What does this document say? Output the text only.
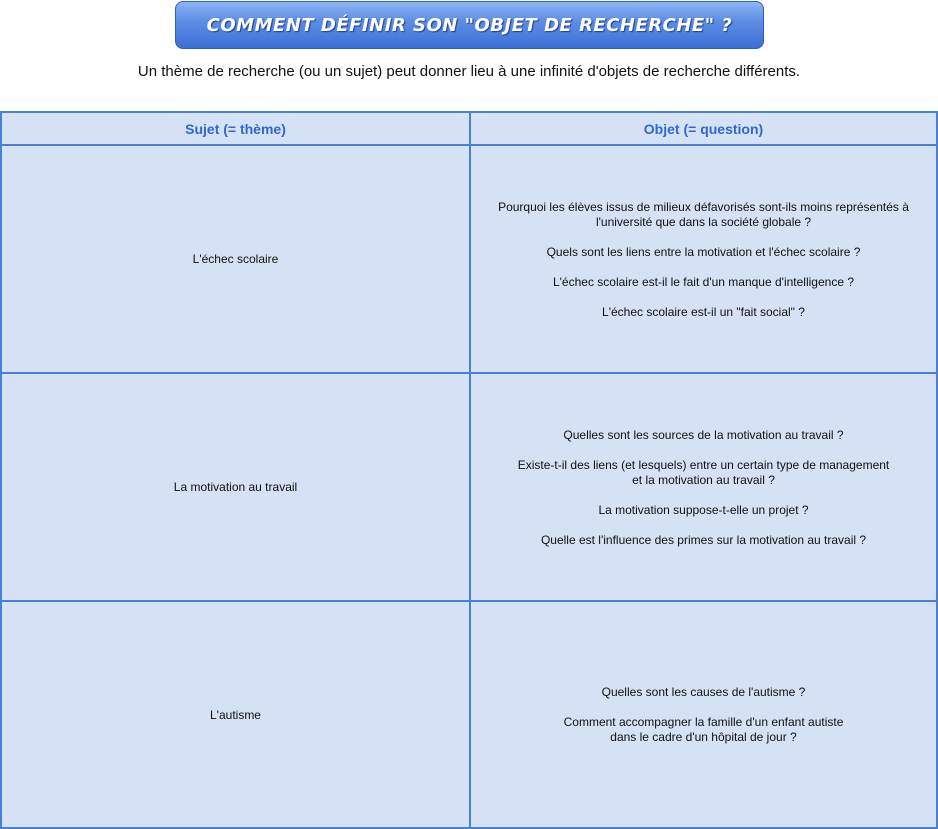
COMMENT DÉFINIR SON "OBJET DE RECHERCHE" ?
Un thème de recherche (ou un sujet) peut donner lieu à une infinité d'objets de recherche différents.
Sujet (= thème)	Objet (= question)
L'échec scolaire
Pourquoi les élèves issus de milieux défavorisés sont-ils moins représentés à
l'université que dans la société globale ?
Quels sont les liens entre la motivation et l'échec scolaire ?
L'échec scolaire est-il le fait d'un manque d'intelligence ?
L'échec scolaire est-il un "fait social" ?
La motivation au travail
Quelles sont les sources de la motivation au travail ?
Existe-t-il des liens (et lesquels) entre un certain type de management
et la motivation au travail ?
La motivation suppose-t-elle un projet ?
Quelle est l'influence des primes sur la motivation au travail ?
L'autisme
Quelles sont les causes de l'autisme ?
Comment accompagner la famille d'un enfant autiste
dans le cadre d'un hôpital de jour ?
